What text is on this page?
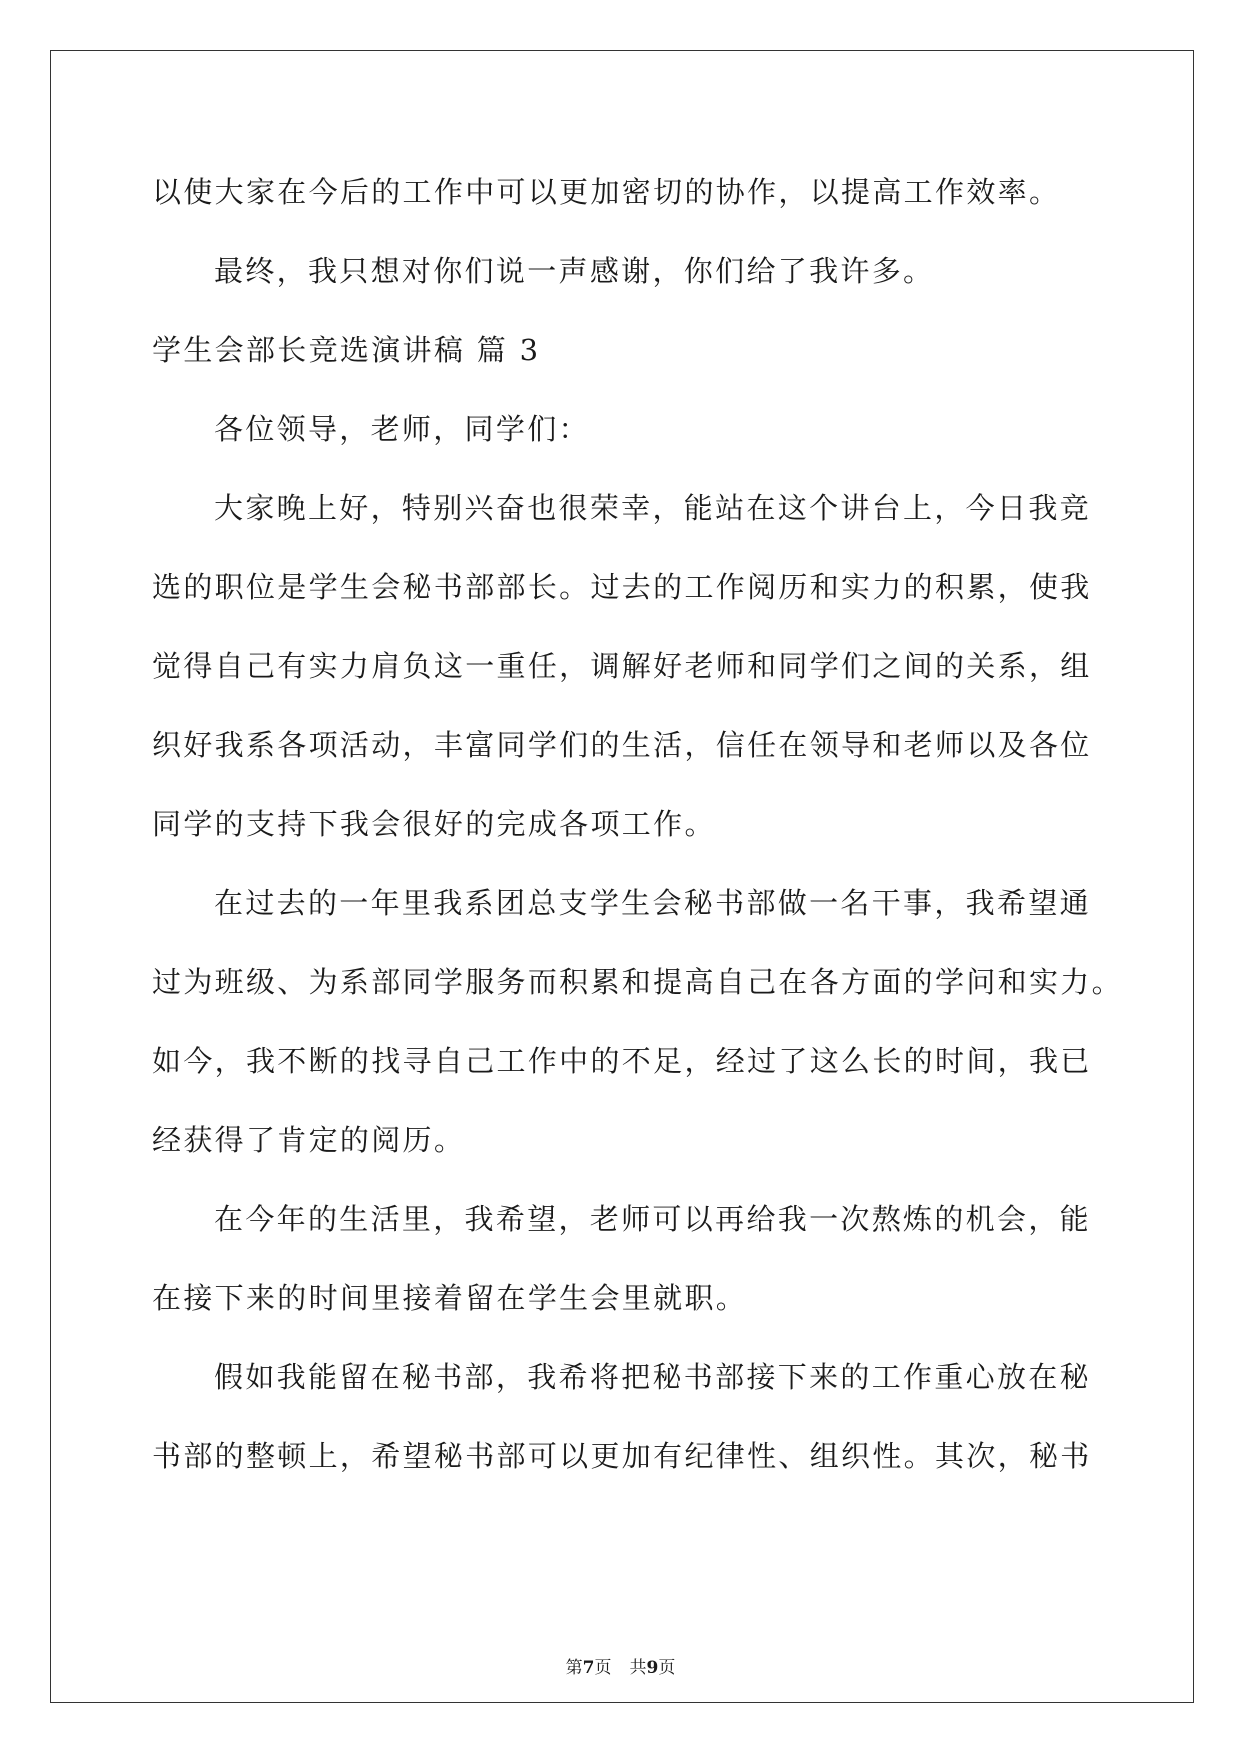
以使大家在今后的工作中可以更加密切的协作，以提高工作效率。
最终，我只想对你们说一声感谢，你们给了我许多。
学生会部长竞选演讲稿 篇 3
各位领导，老师，同学们：
大家晚上好，特别兴奋也很荣幸，能站在这个讲台上，今日我竞
选的职位是学生会秘书部部长。过去的工作阅历和实力的积累，使我
觉得自己有实力肩负这一重任，调解好老师和同学们之间的关系，组
织好我系各项活动，丰富同学们的生活，信任在领导和老师以及各位
同学的支持下我会很好的完成各项工作。
在过去的一年里我系团总支学生会秘书部做一名干事，我希望通
过为班级、为系部同学服务而积累和提高自己在各方面的学问和实力。
如今，我不断的找寻自己工作中的不足，经过了这么长的时间，我已
经获得了肯定的阅历。
在今年的生活里，我希望，老师可以再给我一次熬炼的机会，能
在接下来的时间里接着留在学生会里就职。
假如我能留在秘书部，我希将把秘书部接下来的工作重心放在秘
书部的整顿上，希望秘书部可以更加有纪律性、组织性。其次，秘书
第7页 共9页
